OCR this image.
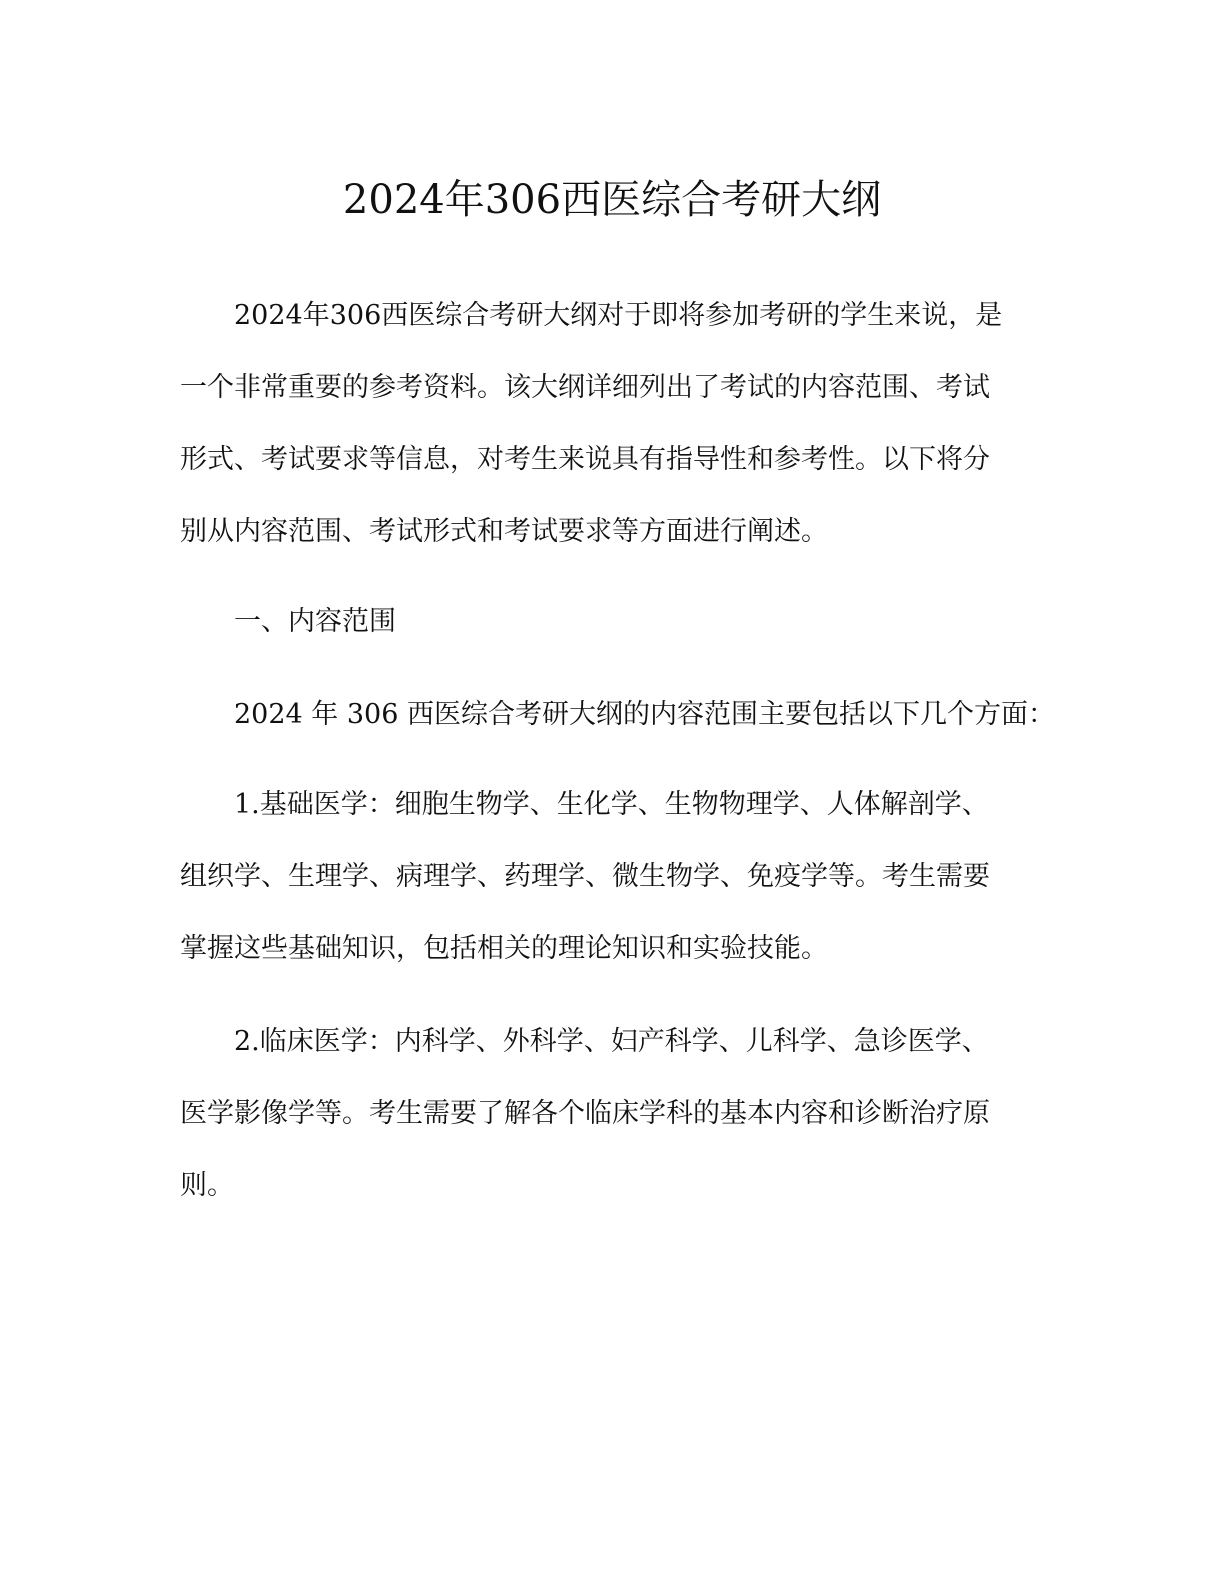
2024年306西医综合考研大纲
2024年306西医综合考研大纲对于即将参加考研的学生来说，是
一个非常重要的参考资料。该大纲详细列出了考试的内容范围、考试
形式、考试要求等信息，对考生来说具有指导性和参考性。以下将分
别从内容范围、考试形式和考试要求等方面进行阐述。
一、内容范围
2024 年 306 西医综合考研大纲的内容范围主要包括以下几个方面：
1.基础医学：细胞生物学、生化学、生物物理学、人体解剖学、
组织学、生理学、病理学、药理学、微生物学、免疫学等。考生需要
掌握这些基础知识，包括相关的理论知识和实验技能。
2.临床医学：内科学、外科学、妇产科学、儿科学、急诊医学、
医学影像学等。考生需要了解各个临床学科的基本内容和诊断治疗原
则。
